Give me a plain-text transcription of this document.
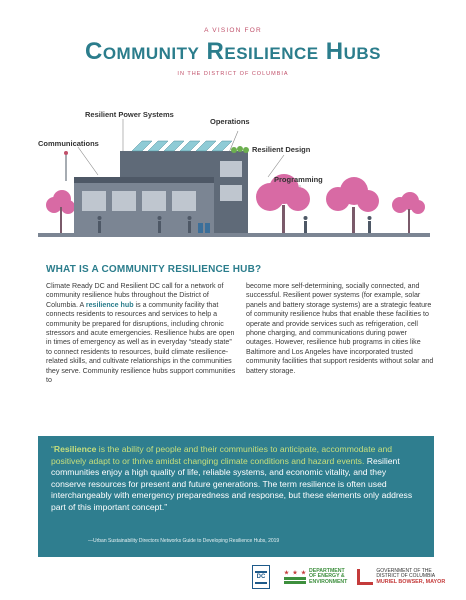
A VISION FOR
Community Resilience Hubs
IN THE DISTRICT OF COLUMBIA
Resilient Power Systems
Operations
Communications
Resilient Design
Programming
WHAT IS A COMMUNITY RESILIENCE HUB?

Climate Ready DC and Resilient DC call for a network of community resilience hubs throughout the District of Columbia. A resilience hub is a community facility that connects residents to resources and services to help a community be prepared for disruptions, including chronic stressors and acute emergencies. Resilience hubs are open in times of emergency as well as in everyday “steady state” to connect residents to resources, build climate resilience-related skills, and cultivate relationships in the communities they serve. Community resilience hubs support communities to

become more self-determining, socially connected, and successful. Resilient power systems (for example, solar panels and battery storage systems) are a strategic feature of community resilience hubs that enable these facilities to operate and provide services such as refrigeration, cell phone charging, and communications during power outages. However, resilience hub programs in cities like Baltimore and Los Angeles have incorporated trusted community facilities that support residents without solar and battery storage.

“Resilience is the ability of people and their communities to anticipate, accommodate and positively adapt to or thrive amidst changing climate conditions and hazard events. Resilient communities enjoy a high quality of life, reliable systems, and economic vitality, and they conserve resources for present and future generations. The term resilience is often used interchangeably with emergency preparedness and response, but these elements only address part of this important concept.”
—Urban Sustainability Directors Networks Guide to Developing Resilience Hubs, 2019
DC
DEPARTMENT
OF ENERGY &
ENVIRONMENT
GOVERNMENT OF THE
DISTRICT OF COLUMBIA
MURIEL BOWSER, MAYOR
